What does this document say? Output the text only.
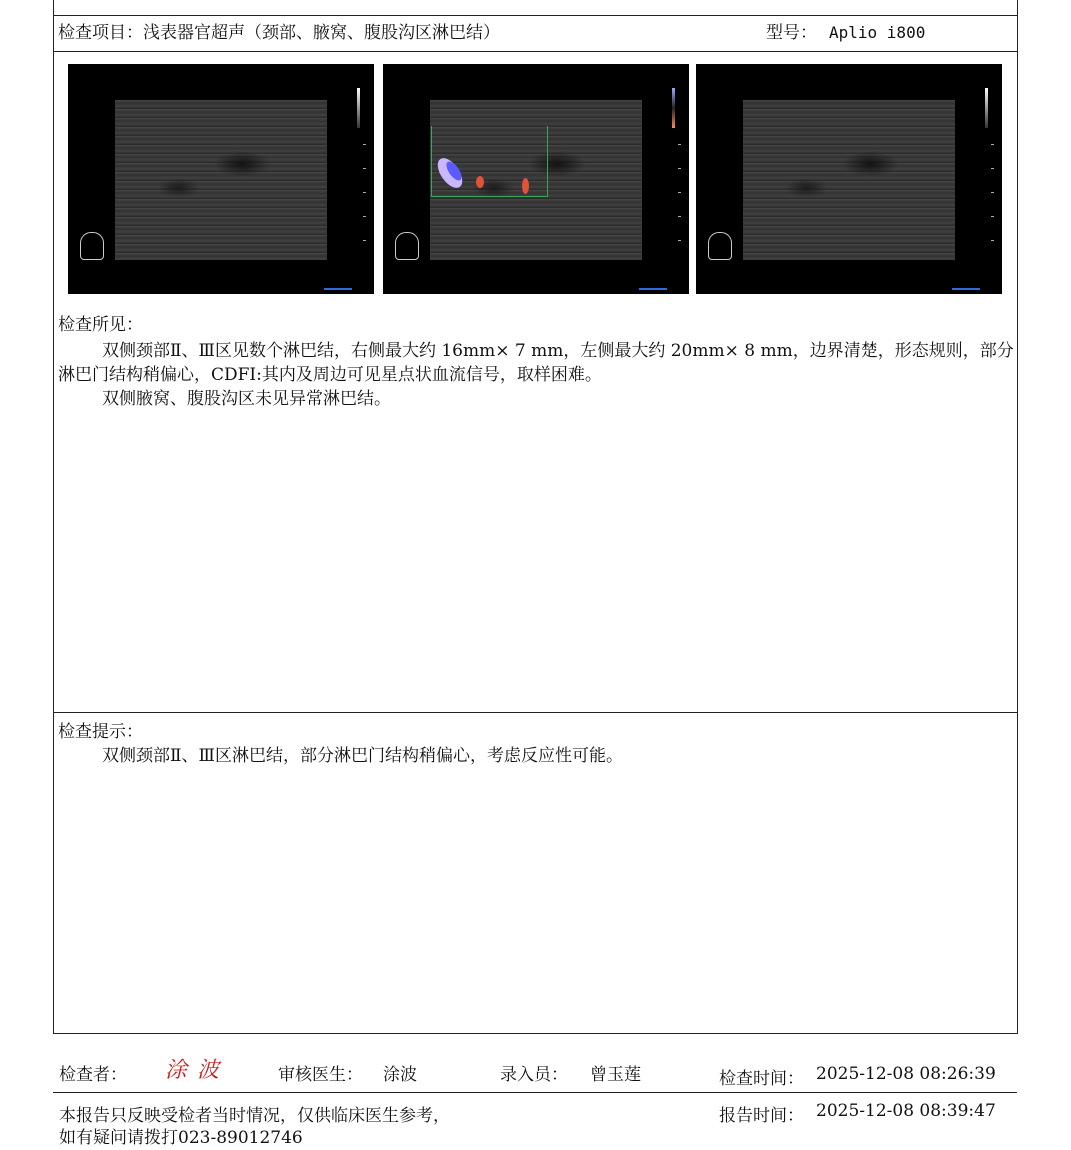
检查项目：浅表器官超声（颈部、腋窝、腹股沟区淋巴结）	型号： Aplio i800
检查所见：
双侧颈部Ⅱ、Ⅲ区见数个淋巴结，右侧最大约 16mm× 7 mm，左侧最大约 20mm× 8 mm，边界清楚，形态规则，部分淋巴门结构稍偏心，CDFI:其内及周边可见星点状血流信号，取样困难。
双侧腋窝、腹股沟区未见异常淋巴结。
检查提示：
双侧颈部Ⅱ、Ⅲ区淋巴结，部分淋巴门结构稍偏心，考虑反应性可能。
检查者： 涂波	审核医生： 涂波	录入员： 曾玉莲	检查时间： 2025-12-08 08:26:39
本报告只反映受检者当时情况，仅供临床医生参考，
如有疑问请拨打023-89012746
报告时间： 2025-12-08 08:39:47
